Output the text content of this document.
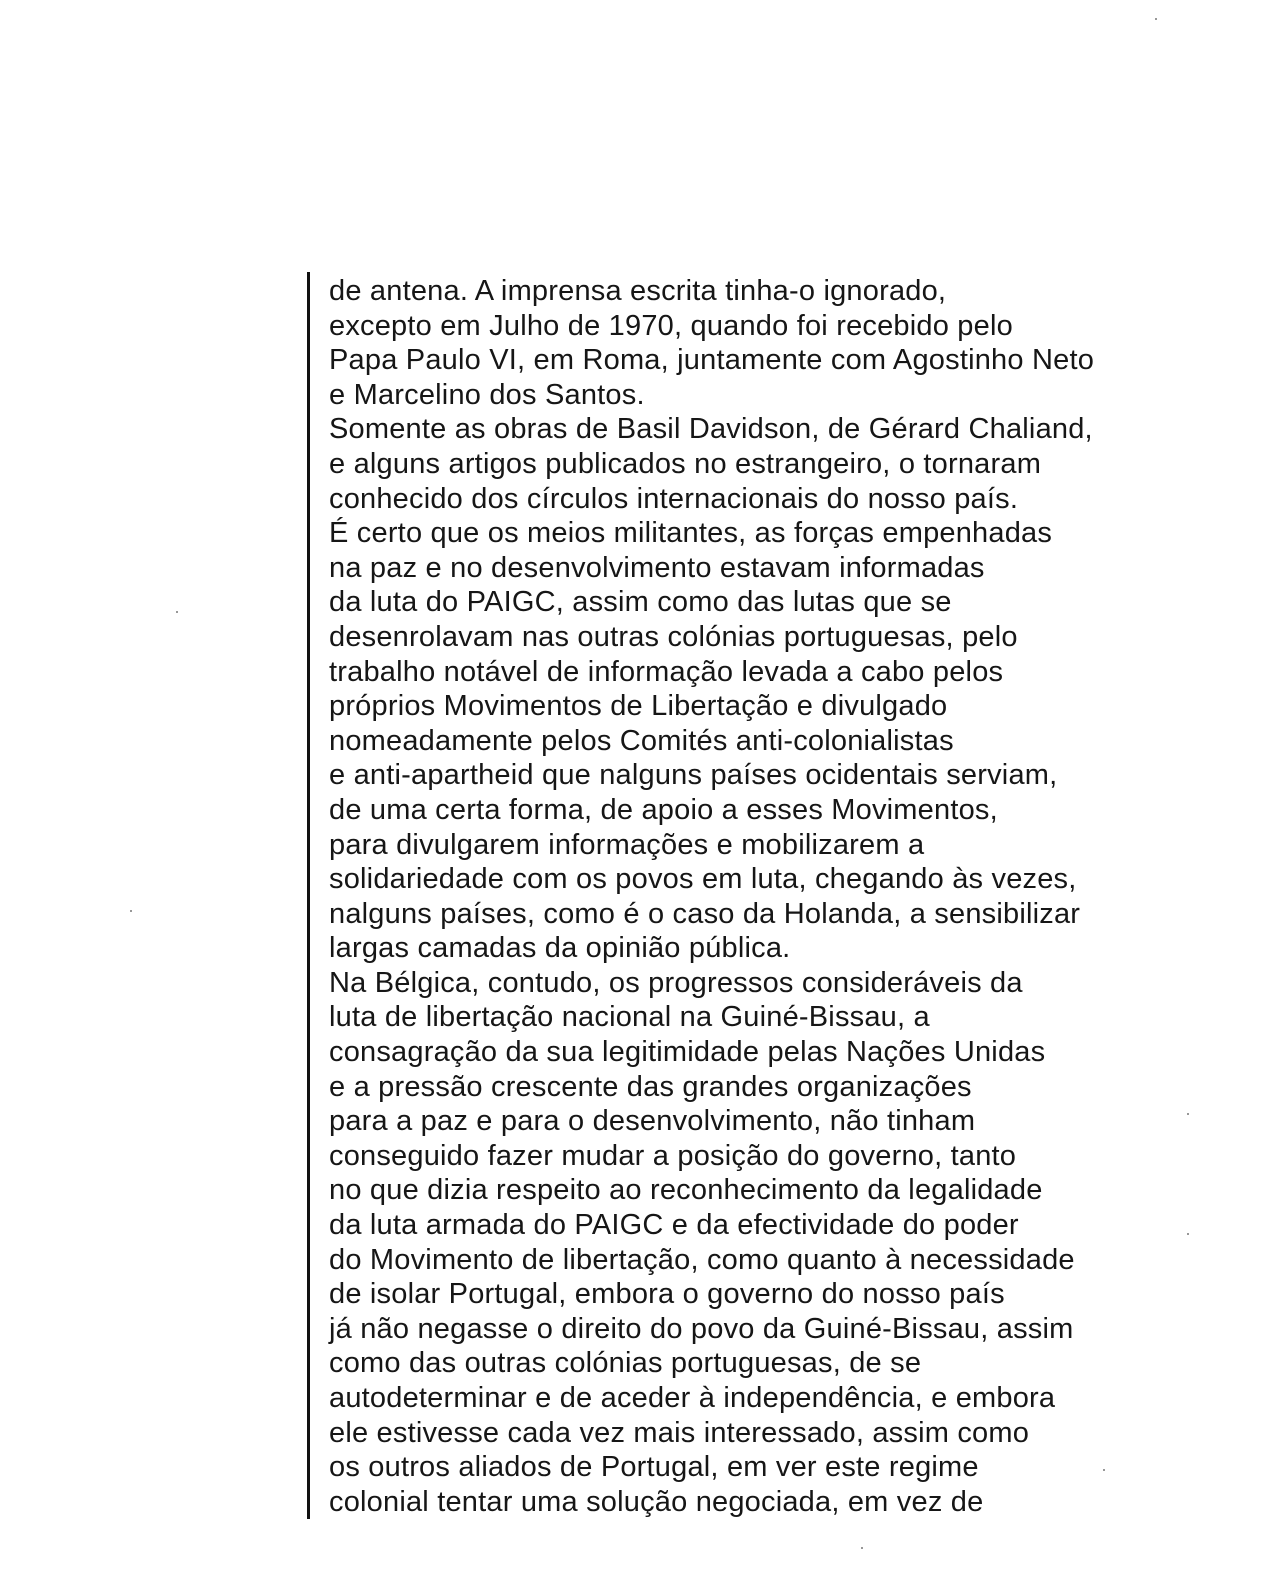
de antena. A imprensa escrita tinha-o ignorado,
excepto em Julho de 1970, quando foi recebido pelo
Papa Paulo VI, em Roma, juntamente com Agostinho Neto
e Marcelino dos Santos.
Somente as obras de Basil Davidson, de Gérard Chaliand,
e alguns artigos publicados no estrangeiro, o tornaram
conhecido dos círculos internacionais do nosso país.
É certo que os meios militantes, as forças empenhadas
na paz e no desenvolvimento estavam informadas
da luta do PAIGC, assim como das lutas que se
desenrolavam nas outras colónias portuguesas, pelo
trabalho notável de informação levada a cabo pelos
próprios Movimentos de Libertação e divulgado
nomeadamente pelos Comités anti-colonialistas
e anti-apartheid que nalguns países ocidentais serviam,
de uma certa forma, de apoio a esses Movimentos,
para divulgarem informações e mobilizarem a
solidariedade com os povos em luta, chegando às vezes,
nalguns países, como é o caso da Holanda, a sensibilizar
largas camadas da opinião pública.
Na Bélgica, contudo, os progressos consideráveis da
luta de libertação nacional na Guiné-Bissau, a
consagração da sua legitimidade pelas Nações Unidas
e a pressão crescente das grandes organizações
para a paz e para o desenvolvimento, não tinham
conseguido fazer mudar a posição do governo, tanto
no que dizia respeito ao reconhecimento da legalidade
da luta armada do PAIGC e da efectividade do poder
do Movimento de libertação, como quanto à necessidade
de isolar Portugal, embora o governo do nosso país
já não negasse o direito do povo da Guiné-Bissau, assim
como das outras colónias portuguesas, de se
autodeterminar e de aceder à independência, e embora
ele estivesse cada vez mais interessado, assim como
os outros aliados de Portugal, em ver este regime
colonial tentar uma solução negociada, em vez de
